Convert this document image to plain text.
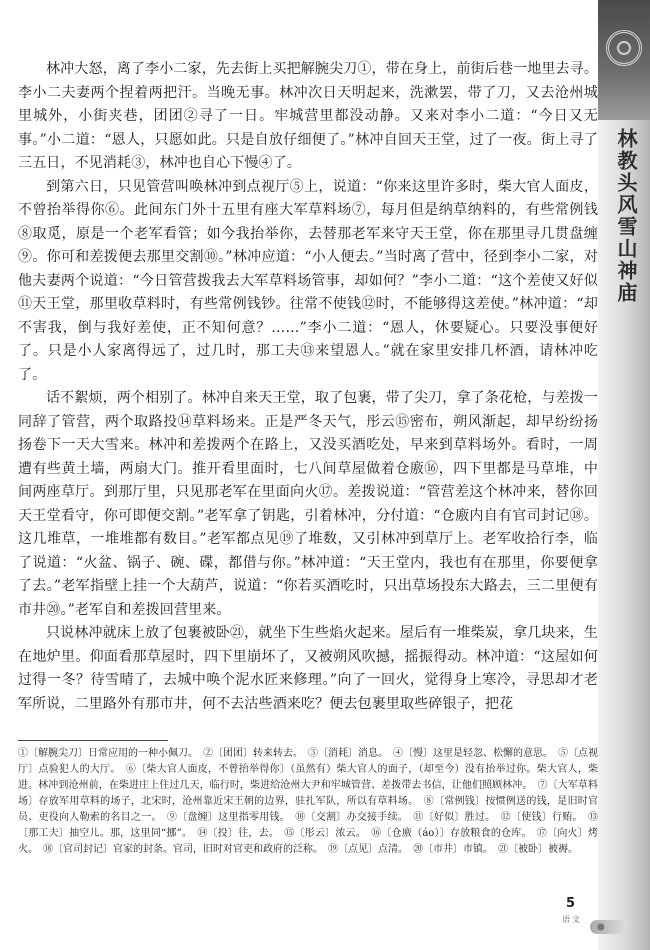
林教头风雪山神庙

林冲大怒，离了李小二家，先去街上买把解腕尖刀①，带在身上，前街后巷一地里去寻。李小二夫妻两个捏着两把汗。当晚无事。林冲次日天明起来，洗漱罢，带了刀，又去沧州城里城外，小街夹巷，团团②寻了一日。牢城营里都没动静。又来对李小二道：“今日又无事。”小二道：“恩人，只愿如此。只是自放仔细便了。”林冲自回天王堂，过了一夜。街上寻了三五日，不见消耗③，林冲也自心下慢④了。

到第六日，只见管营叫唤林冲到点视厅⑤上，说道：“你来这里许多时，柴大官人面皮，不曾抬举得你⑥。此间东门外十五里有座大军草料场⑦，每月但是纳草纳料的，有些常例钱⑧取觅，原是一个老军看管；如今我抬举你，去替那老军来守天王堂，你在那里寻几贯盘缠⑨。你可和差拨便去那里交割⑩。”林冲应道：“小人便去。”当时离了营中，径到李小二家，对他夫妻两个说道：“今日管营拨我去大军草料场管事，却如何？”李小二道：“这个差使又好似⑪天王堂，那里收草料时，有些常例钱钞。往常不使钱⑫时，不能够得这差使。”林冲道：“却不害我，倒与我好差使，正不知何意？……”李小二道：“恩人，休要疑心。只要没事便好了。只是小人家离得远了，过几时，那工夫⑬来望恩人。”就在家里安排几杯酒，请林冲吃了。

话不絮烦，两个相别了。林冲自来天王堂，取了包裹，带了尖刀，拿了条花枪，与差拨一同辞了管营，两个取路投⑭草料场来。正是严冬天气，彤云⑮密布，朔风渐起，却早纷纷扬扬卷下一天大雪来。林冲和差拨两个在路上，又没买酒吃处，早来到草料场外。看时，一周遭有些黄土墙，两扇大门。推开看里面时，七八间草屋做着仓廒⑯，四下里都是马草堆，中间两座草厅。到那厅里，只见那老军在里面向火⑰。差拨说道：“管营差这个林冲来，替你回天王堂看守，你可即便交割。”老军拿了钥匙，引着林冲，分付道：“仓廒内自有官司封记⑱。这几堆草，一堆堆都有数目。”老军都点见⑲了堆数，又引林冲到草厅上。老军收拾行李，临了说道：“火盆、锅子、碗、碟，都借与你。”林冲道：“天王堂内，我也有在那里，你要便拿了去。”老军指壁上挂一个大葫芦，说道：“你若买酒吃时，只出草场投东大路去，三二里便有市井⑳。”老军自和差拨回营里来。

只说林冲就床上放了包裹被卧㉑，就坐下生些焰火起来。屋后有一堆柴炭，拿几块来，生在地炉里。仰面看那草屋时，四下里崩坏了，又被朔风吹撼，摇振得动。林冲道：“这屋如何过得一冬？待雪晴了，去城中唤个泥水匠来修理。”向了一回火，觉得身上寒冷，寻思却才老军所说，二里路外有那市井，何不去沽些酒来吃？便去包裹里取些碎银子，把花

①〔解腕尖刀〕日常应用的一种小佩刀。　②〔团团〕转来转去。　③〔消耗〕消息。　④〔慢〕这里是轻忽、松懈的意思。　⑤〔点视厅〕点验犯人的大厅。　⑥〔柴大官人面皮，不曾抬举得你〕（虽然有）柴大官人的面子，（却至今）没有抬举过你。柴大官人，柴进。林冲到沧州前，在柴进庄上住过几天，临行时，柴进给沧州大尹和牢城管营、差拨带去书信，让他们照顾林冲。　⑦〔大军草料场〕存放军用草料的场子，北宋时，沧州靠近宋王朝的边界，驻扎军队，所以有草料场。　⑧〔常例钱〕按惯例送的钱，是旧时官员、吏役向人勒索的名目之一。　⑨〔盘缠〕这里指零用钱。　⑩〔交割〕办交接手续。　⑪〔好似〕胜过。　⑫〔使钱〕行贿。　⑬〔那工夫〕抽空儿。那，这里同“挪”。　⑭〔投〕往，去。　⑮〔彤云〕浓云。　⑯〔仓廒（áo）〕存放粮食的仓库。　⑰〔向火〕烤火。　⑱〔官司封记〕官家的封条。官司，旧时对官吏和政府的泛称。　⑲〔点见〕点清。　⑳〔市井〕市镇。　㉑〔被卧〕被褥。

5
语文
